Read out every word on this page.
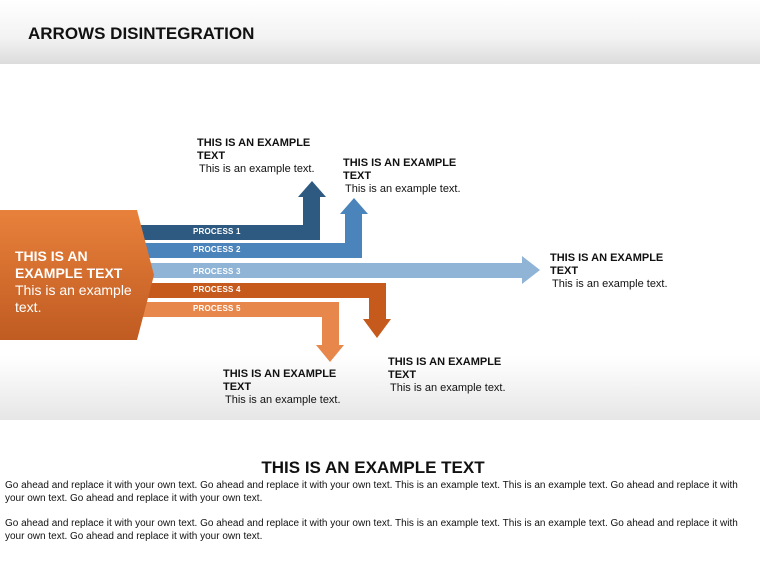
ARROWS DISINTEGRATION
PROCESS 1
PROCESS 2
PROCESS 3
PROCESS 4
PROCESS 5
THIS IS AN EXAMPLE TEXT
This is an example text.
THIS IS AN EXAMPLE TEXT
This is an example text.	THIS IS AN EXAMPLE TEXT
This is an example text.
THIS IS AN EXAMPLE TEXT
This is an example text.
THIS IS AN EXAMPLE TEXT
This is an example text.
THIS IS AN EXAMPLE TEXT
This is an example text.
THIS IS AN EXAMPLE TEXT
Go ahead and replace it with your own text. Go ahead and replace it with your own text. This is an example text. This is an example text. Go ahead and replace it with your own text. Go ahead and replace it with your own text.
Go ahead and replace it with your own text. Go ahead and replace it with your own text. This is an example text. This is an example text. Go ahead and replace it with your own text. Go ahead and replace it with your own text.
